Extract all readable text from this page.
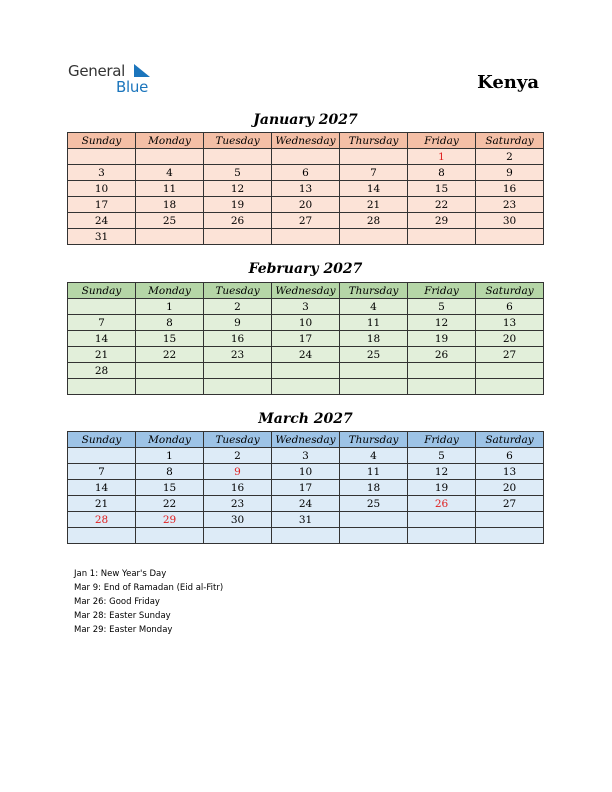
General
Blue	Kenya
January 2027
Sunday	Monday	Tuesday	Wednesday	Thursday	Friday	Saturday
					1	2
3	4	5	6	7	8	9
10	11	12	13	14	15	16
17	18	19	20	21	22	23
24	25	26	27	28	29	30
31						
February 2027
Sunday	Monday	Tuesday	Wednesday	Thursday	Friday	Saturday
	1	2	3	4	5	6
7	8	9	10	11	12	13
14	15	16	17	18	19	20
21	22	23	24	25	26	27
28						

March 2027
Sunday	Monday	Tuesday	Wednesday	Thursday	Friday	Saturday
	1	2	3	4	5	6
7	8	9	10	11	12	13
14	15	16	17	18	19	20
21	22	23	24	25	26	27
28	29	30	31			

Jan 1: New Year's Day
Mar 9: End of Ramadan (Eid al-Fitr)
Mar 26: Good Friday
Mar 28: Easter Sunday
Mar 29: Easter Monday
